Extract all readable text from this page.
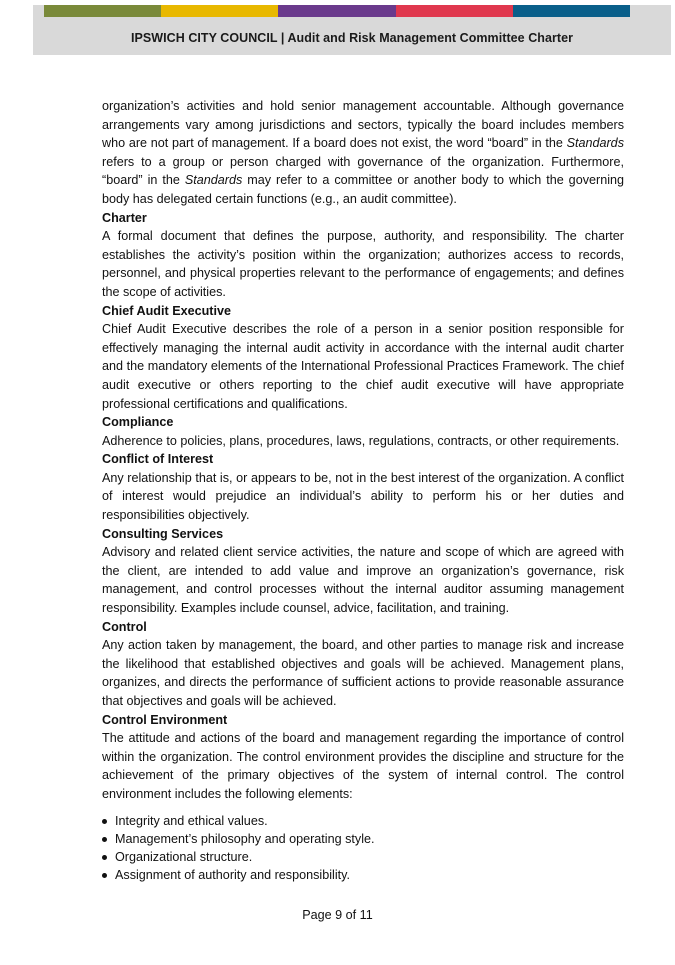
IPSWICH CITY COUNCIL | Audit and Risk Management Committee Charter

organization’s activities and hold senior management accountable. Although governance arrangements vary among jurisdictions and sectors, typically the board includes members who are not part of management. If a board does not exist, the word “board” in the Standards refers to a group or person charged with governance of the organization. Furthermore, “board” in the Standards may refer to a committee or another body to which the governing body has delegated certain functions (e.g., an audit committee).

Charter

A formal document that defines the purpose, authority, and responsibility. The charter establishes the activity’s position within the organization; authorizes access to records, personnel, and physical properties relevant to the performance of engagements; and defines the scope of activities.

Chief Audit Executive

Chief Audit Executive describes the role of a person in a senior position responsible for effectively managing the internal audit activity in accordance with the internal audit charter and the mandatory elements of the International Professional Practices Framework. The chief audit executive or others reporting to the chief audit executive will have appropriate professional certifications and qualifications.

Compliance

Adherence to policies, plans, procedures, laws, regulations, contracts, or other requirements.

Conflict of Interest

Any relationship that is, or appears to be, not in the best interest of the organization. A conflict of interest would prejudice an individual’s ability to perform his or her duties and responsibilities objectively.

Consulting Services

Advisory and related client service activities, the nature and scope of which are agreed with the client, are intended to add value and improve an organization’s governance, risk management, and control processes without the internal auditor assuming management responsibility. Examples include counsel, advice, facilitation, and training.

Control

Any action taken by management, the board, and other parties to manage risk and increase the likelihood that established objectives and goals will be achieved. Management plans, organizes, and directs the performance of sufficient actions to provide reasonable assurance that objectives and goals will be achieved.

Control Environment

The attitude and actions of the board and management regarding the importance of control within the organization. The control environment provides the discipline and structure for the achievement of the primary objectives of the system of internal control. The control environment includes the following elements:

Integrity and ethical values.
Management’s philosophy and operating style.
Organizational structure.
Assignment of authority and responsibility.
Page 9 of 11
